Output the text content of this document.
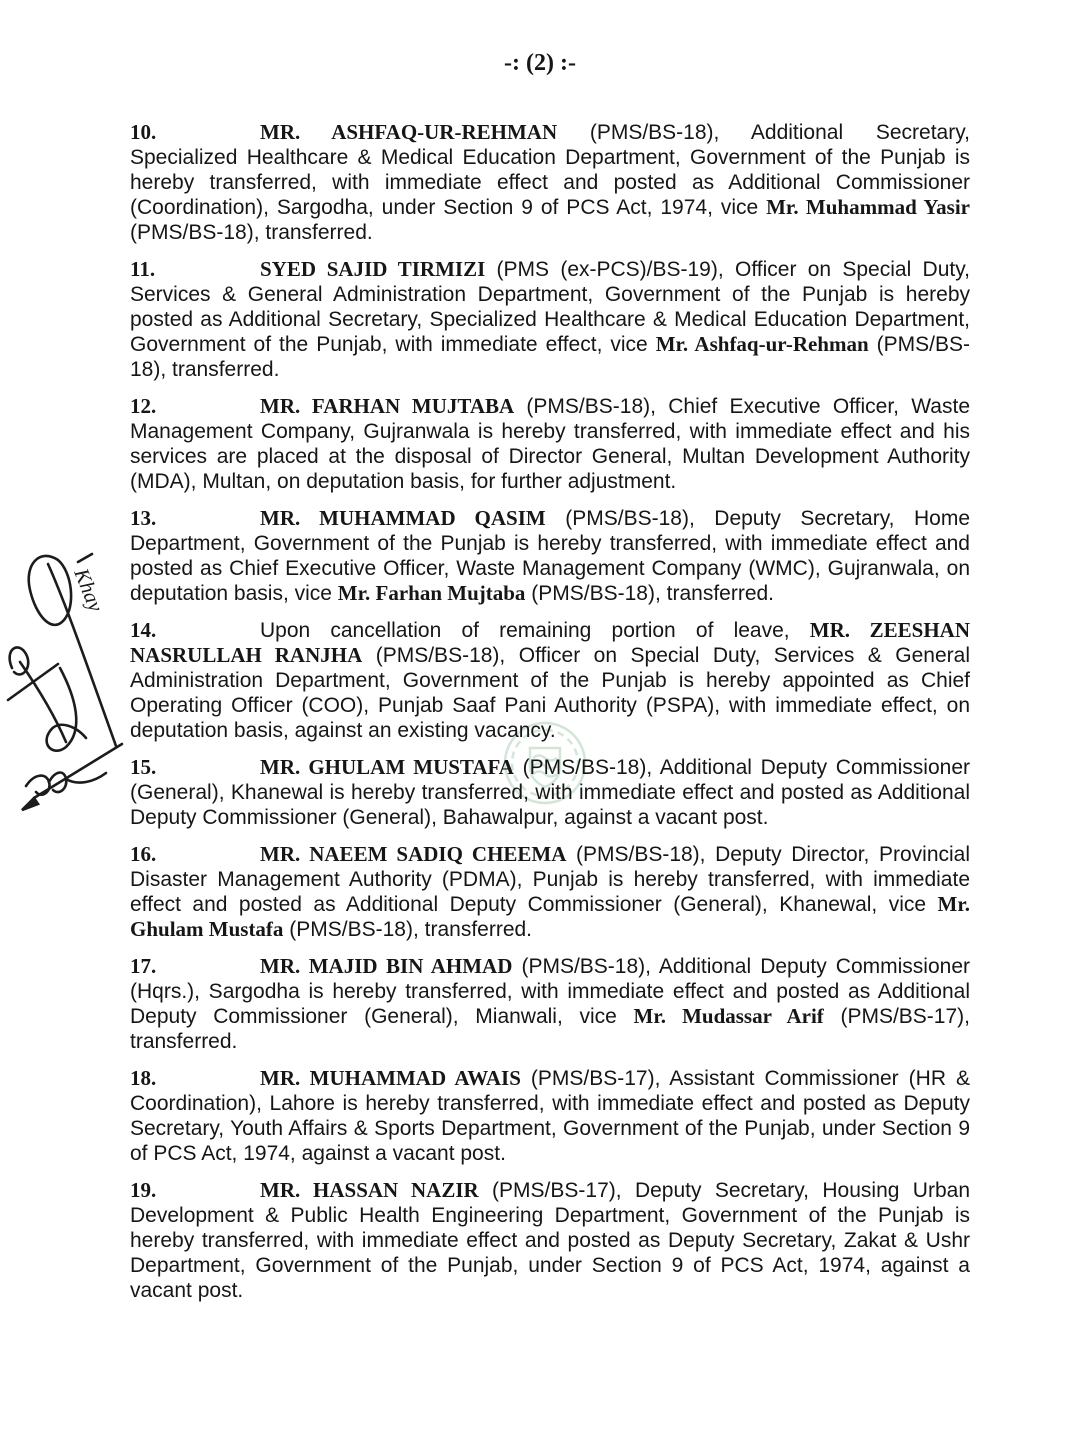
-: (2) :-
Khay

10.	MR. ASHFAQ-UR-REHMAN (PMS/BS-18), Additional Secretary, Specialized Healthcare & Medical Education Department, Government of the Punjab is hereby transferred, with immediate effect and posted as Additional Commissioner (Coordination), Sargodha, under Section 9 of PCS Act, 1974, vice Mr. Muhammad Yasir (PMS/BS-18), transferred.

11.	SYED SAJID TIRMIZI (PMS (ex-PCS)/BS-19), Officer on Special Duty, Services & General Administration Department, Government of the Punjab is hereby posted as Additional Secretary, Specialized Healthcare & Medical Education Department, Government of the Punjab, with immediate effect, vice Mr. Ashfaq-ur-Rehman (PMS/BS-18), transferred.

12.	MR. FARHAN MUJTABA (PMS/BS-18), Chief Executive Officer, Waste Management Company, Gujranwala is hereby transferred, with immediate effect and his services are placed at the disposal of Director General, Multan Development Authority (MDA), Multan, on deputation basis, for further adjustment.

13.	MR. MUHAMMAD QASIM (PMS/BS-18), Deputy Secretary, Home Department, Government of the Punjab is hereby transferred, with immediate effect and posted as Chief Executive Officer, Waste Management Company (WMC), Gujranwala, on deputation basis, vice Mr. Farhan Mujtaba (PMS/BS-18), transferred.

14.	Upon cancellation of remaining portion of leave, MR. ZEESHAN NASRULLAH RANJHA (PMS/BS-18), Officer on Special Duty, Services & General Administration Department, Government of the Punjab is hereby appointed as Chief Operating Officer (COO), Punjab Saaf Pani Authority (PSPA), with immediate effect, on deputation basis, against an existing vacancy.

15.	MR. GHULAM MUSTAFA (PMS/BS-18), Additional Deputy Commissioner (General), Khanewal is hereby transferred, with immediate effect and posted as Additional Deputy Commissioner (General), Bahawalpur, against a vacant post.

16.	MR. NAEEM SADIQ CHEEMA (PMS/BS-18), Deputy Director, Provincial Disaster Management Authority (PDMA), Punjab is hereby transferred, with immediate effect and posted as Additional Deputy Commissioner (General), Khanewal, vice Mr. Ghulam Mustafa (PMS/BS-18), transferred.

17.	MR. MAJID BIN AHMAD (PMS/BS-18), Additional Deputy Commissioner (Hqrs.), Sargodha is hereby transferred, with immediate effect and posted as Additional Deputy Commissioner (General), Mianwali, vice Mr. Mudassar Arif (PMS/BS-17), transferred.

18.	MR. MUHAMMAD AWAIS (PMS/BS-17), Assistant Commissioner (HR & Coordination), Lahore is hereby transferred, with immediate effect and posted as Deputy Secretary, Youth Affairs & Sports Department, Government of the Punjab, under Section 9 of PCS Act, 1974, against a vacant post.

19.	MR. HASSAN NAZIR (PMS/BS-17), Deputy Secretary, Housing Urban Development & Public Health Engineering Department, Government of the Punjab is hereby transferred, with immediate effect and posted as Deputy Secretary, Zakat & Ushr Department, Government of the Punjab, under Section 9 of PCS Act, 1974, against a vacant post.
